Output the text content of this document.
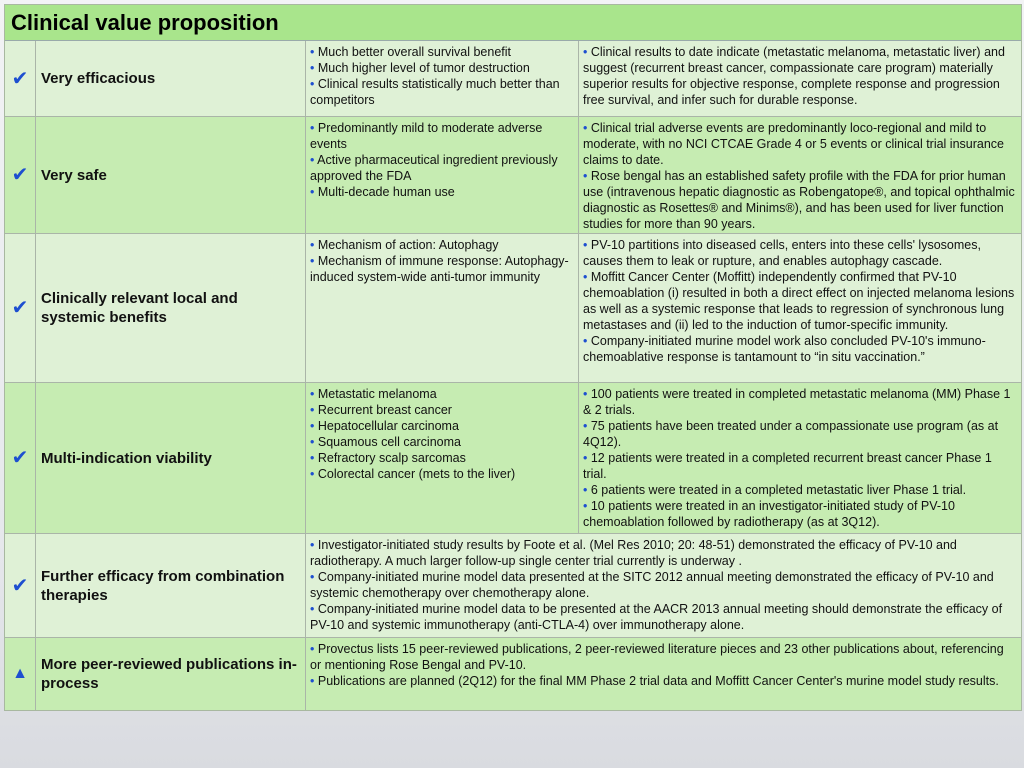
Clinical value proposition
✔ Very efficacious
• Much better overall survival benefit
• Much higher level of tumor destruction
• Clinical results statistically much better than competitors
• Clinical results to date indicate (metastatic melanoma, metastatic liver) and suggest (recurrent breast cancer, compassionate care program) materially superior results for objective response, complete response and progression free survival, and infer such for durable response.
✔ Very safe
• Predominantly mild to moderate adverse events
• Active pharmaceutical ingredient previously approved the FDA
• Multi-decade human use
• Clinical trial adverse events are predominantly loco-regional and mild to moderate, with no NCI CTCAE Grade 4 or 5 events or clinical trial insurance claims to date.
• Rose bengal has an established safety profile with the FDA for prior human use (intravenous hepatic diagnostic as Robengatope®, and topical ophthalmic diagnostic as Rosettes® and Minims®), and has been used for liver function studies for more than 90 years.
✔ Clinically relevant local and systemic benefits
• Mechanism of action: Autophagy
• Mechanism of immune response: Autophagy-induced system-wide anti-tumor immunity
• PV-10 partitions into diseased cells, enters into these cells' lysosomes, causes them to leak or rupture, and enables autophagy cascade.
• Moffitt Cancer Center (Moffitt) independently confirmed that PV-10 chemoablation (i) resulted in both a direct effect on injected melanoma lesions as well as a systemic response that leads to regression of synchronous lung metastases and (ii) led to the induction of tumor-specific immunity.
• Company-initiated murine model work also concluded PV-10's immuno-chemoablative response is tantamount to “in situ vaccination.”
✔ Multi-indication viability
• Metastatic melanoma
• Recurrent breast cancer
• Hepatocellular carcinoma
• Squamous cell carcinoma
• Refractory scalp sarcomas
• Colorectal cancer (mets to the liver)
• 100 patients were treated in completed metastatic melanoma (MM) Phase 1 & 2 trials.
• 75 patients have been treated under a compassionate use program (as at 4Q12).
• 12 patients were treated in a completed recurrent breast cancer Phase 1 trial.
• 6 patients were treated in a completed metastatic liver Phase 1 trial.
• 10 patients were treated in an investigator-initiated study of PV-10 chemoablation followed by radiotherapy (as at 3Q12).
✔ Further efficacy from combination therapies
• Investigator-initiated study results by Foote et al. (Mel Res 2010; 20: 48-51) demonstrated the efficacy of PV-10 and radiotherapy. A much larger follow-up single center trial currently is underway .
• Company-initiated murine model data presented at the SITC 2012 annual meeting demonstrated the efficacy of PV-10 and systemic chemotherapy over chemotherapy alone.
• Company-initiated murine model data to be presented at the AACR 2013 annual meeting should demonstrate the efficacy of PV-10 and systemic immunotherapy (anti-CTLA-4) over immunotherapy alone.
▲
More peer-reviewed publications in-process
• Provectus lists 15 peer-reviewed publications, 2 peer-reviewed literature pieces and 23 other publications about, referencing or mentioning Rose Bengal and PV-10.
• Publications are planned (2Q12) for the final MM Phase 2 trial data and Moffitt Cancer Center's murine model study results.
